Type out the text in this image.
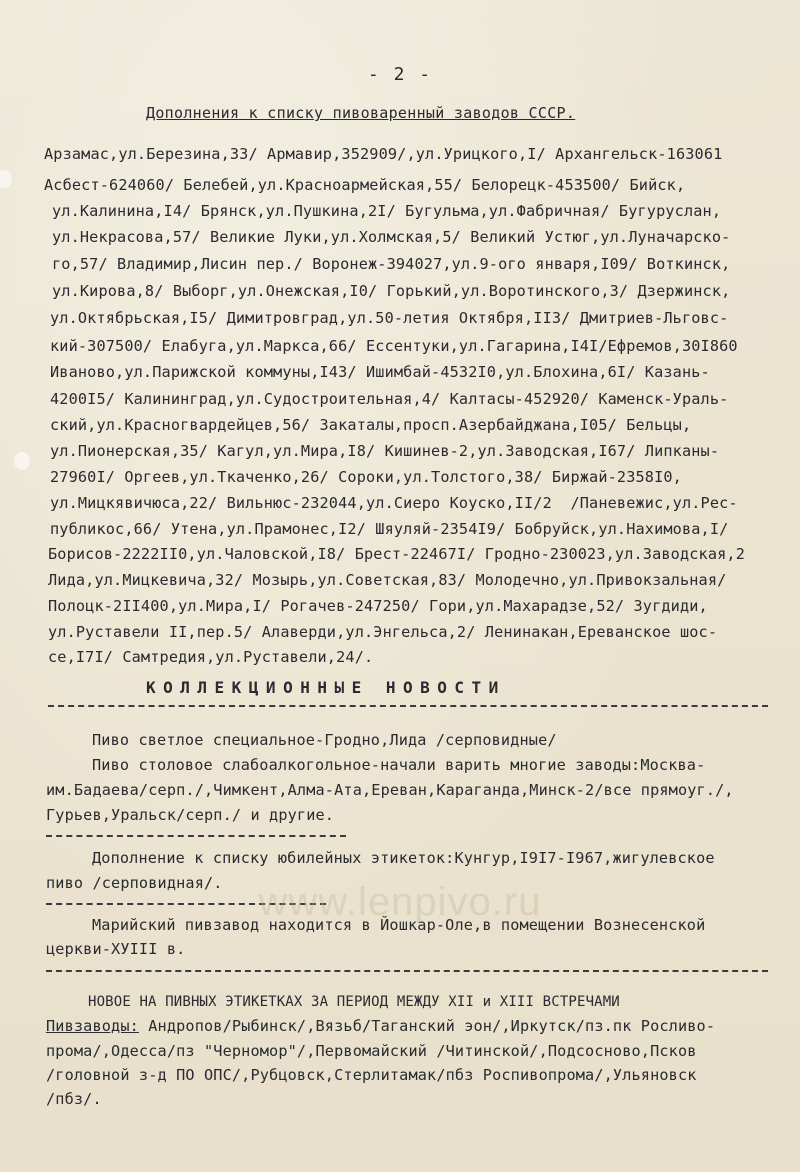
- 2 -
Дополнения к списку пивоваренный заводов СССР.
Арзамас,ул.Березина,33/ Армавир,352909/,ул.Урицкого,I/ Архангельск-163061
Асбест-624060/ Белебей,ул.Красноармейская,55/ Белорецк-453500/ Бийск,
ул.Калинина,I4/ Брянск,ул.Пушкина,2I/ Бугульма,ул.Фабричная/ Бугуруслан,
ул.Некрасова,57/ Великие Луки,ул.Холмская,5/ Великий Устюг,ул.Луначарско-
го,57/ Владимир,Лисин пер./ Воронеж-394027,ул.9-ого января,I09/ Воткинск,
ул.Кирова,8/ Выборг,ул.Онежская,I0/ Горький,ул.Воротинского,3/ Дзержинск,
ул.Октябрьская,I5/ Димитровград,ул.50-летия Октября,II3/ Дмитриев-Льговс-
кий-307500/ Елабуга,ул.Маркса,66/ Ессентуки,ул.Гагарина,I4I/Ефремов,30I860
Иваново,ул.Парижской коммуны,I43/ Ишимбай-4532I0,ул.Блохина,6I/ Казань-
4200I5/ Калининград,ул.Судостроительная,4/ Калтасы-452920/ Каменск-Ураль-
ский,ул.Красногвардейцев,56/ Закаталы,просп.Азербайджана,I05/ Бельцы,
ул.Пионерская,35/ Кагул,ул.Мира,I8/ Кишинев-2,ул.Заводская,I67/ Липканы-
27960I/ Оргеев,ул.Ткаченко,26/ Сороки,ул.Толстого,38/ Биржай-2358I0,
ул.Мицкявичюса,22/ Вильнюс-232044,ул.Сиеро Коуско,II/2  /Паневежис,ул.Рес-
публикос,66/ Утена,ул.Прамонес,I2/ Шяуляй-2354I9/ Бобруйск,ул.Нахимова,I/
Борисов-2222II0,ул.Чаловской,I8/ Брест-22467I/ Гродно-230023,ул.Заводская,2
Лида,ул.Мицкевича,32/ Мозырь,ул.Советская,83/ Молодечно,ул.Привокзальная/
Полоцк-2II400,ул.Мира,I/ Рогачев-247250/ Гори,ул.Махарадзе,52/ Зугдиди,
ул.Руставели II,пер.5/ Алаверди,ул.Энгельса,2/ Ленинакан,Ереванское шос-
се,I7I/ Самтредия,ул.Руставели,24/.
КОЛЛЕКЦИОННЫЕ НОВОСТИ
Пиво светлое специальное-Гродно,Лида /серповидные/
Пиво столовое слабоалкогольное-начали варить многие заводы:Москва-
им.Бадаева/серп./,Чимкент,Алма-Ата,Ереван,Караганда,Минск-2/все прямоуг./,
Гурьев,Уральск/серп./ и другие.
Дополнение к списку юбилейных этикеток:Кунгур,I9I7-I967,жигулевское
пиво /серповидная/.
Марийский пивзавод находится в Йошкар-Оле,в помещении Вознесенской
церкви-XУIII в.
НОВОЕ НА ПИВНЫХ ЭТИКЕТКАХ ЗА ПЕРИОД МЕЖДУ XII и XIII ВСТРЕЧАМИ
Пивзаводы: Андропов/Рыбинск/,Вязьб/Таганский эон/,Иркутск/пз.пк Росливо-
прома/,Одесса/пз "Черномор"/,Первомайский /Читинской/,Подсосново,Псков
/головной з-д ПО ОПС/,Рубцовск,Стерлитамак/пбз Роспивопрома/,Ульяновск
/пбз/.
www.lenpivo.ru
